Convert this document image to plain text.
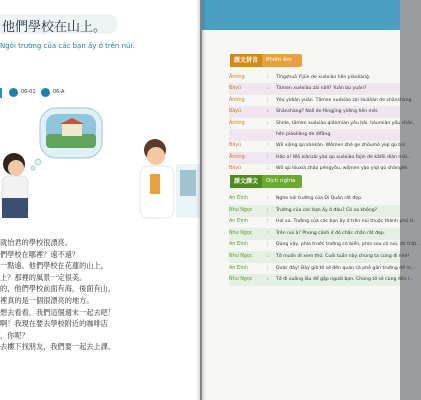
他們學校在山上。
Ngôi trường của các bạn ấy ở trên núi.
06-01	06-A
就怡君的學校很漂亮。
們學校在哪裡？遠不遠？
一點遠。他們學校在花蓮的山上，
上？那裡的風景一定很美。
的，他們學校前面有海，後面有山，
裡真的是一個很漂亮的地方。
想去看看。我們這個週末一起去吧！
啊！我現在要去學校附近的咖啡店
，你呢？
去樓下找朋友，我們要一起去上課。
課文拼音	Phiên âm
Āntíng	: Tīngshuō Yìjūn de xuéxiào hěn piàoliàng.
Bāyù	: Tāmen xuéxiào zài nǎlǐ? Yuǎn bù yuǎn?
Āntíng	: Yǒu yìdiǎn yuǎn. Tāmen xuéxiào zài Huālián de shānshàng.
Bāyù	: Shānshàng? Nàlǐ de fēngjǐng yídìng hěn měi.
Āntíng	: Shìde, tāmen xuéxiào qiánmiàn yǒu hǎi, hòumiàn yǒu shān,
hěn piàoliàng de dìfāng.
Bāyù	: Wǒ xiǎng qù kànkàn. Wǒmen zhè ge zhōumò yìqǐ qù ba!
Āntíng	: Hǎo a! Wǒ xiànzài yào qù xuéxiào fùjìn de kāfēi diàn mǎi...
Bāyù	: Wǒ qù lóuxià zhǎo péngyǒu, wǒmen yào yìqǐ qù shàngkè.
課文譯文	Dịch nghĩa
An Đình	: Nghe nói trường của Di Quân rất đẹp.
Như Ngọc	: Trường của các bạn ấy ở đâu? Có xa không?
An Đình	: Hơi xa. Trường của các bạn ấy ở trên núi thuộc thành phố H...
Như Ngọc	: Trên núi à? Phong cảnh ở đó chắc chắn rất đẹp.
An Đình	: Đúng vậy, phía trước trường có biển, phía sau có núi, đó thật...
Như Ngọc	: Tớ muốn đi xem thử. Cuối tuần này chúng ta cùng đi nhé!
An Đình	: Được đấy! Bây giờ tớ sẽ đến quán cà phê gần trường để m...
Như Ngọc	: Tớ đi xuống lầu để gặp người bạn. Chúng tớ sẽ cùng đến l...
